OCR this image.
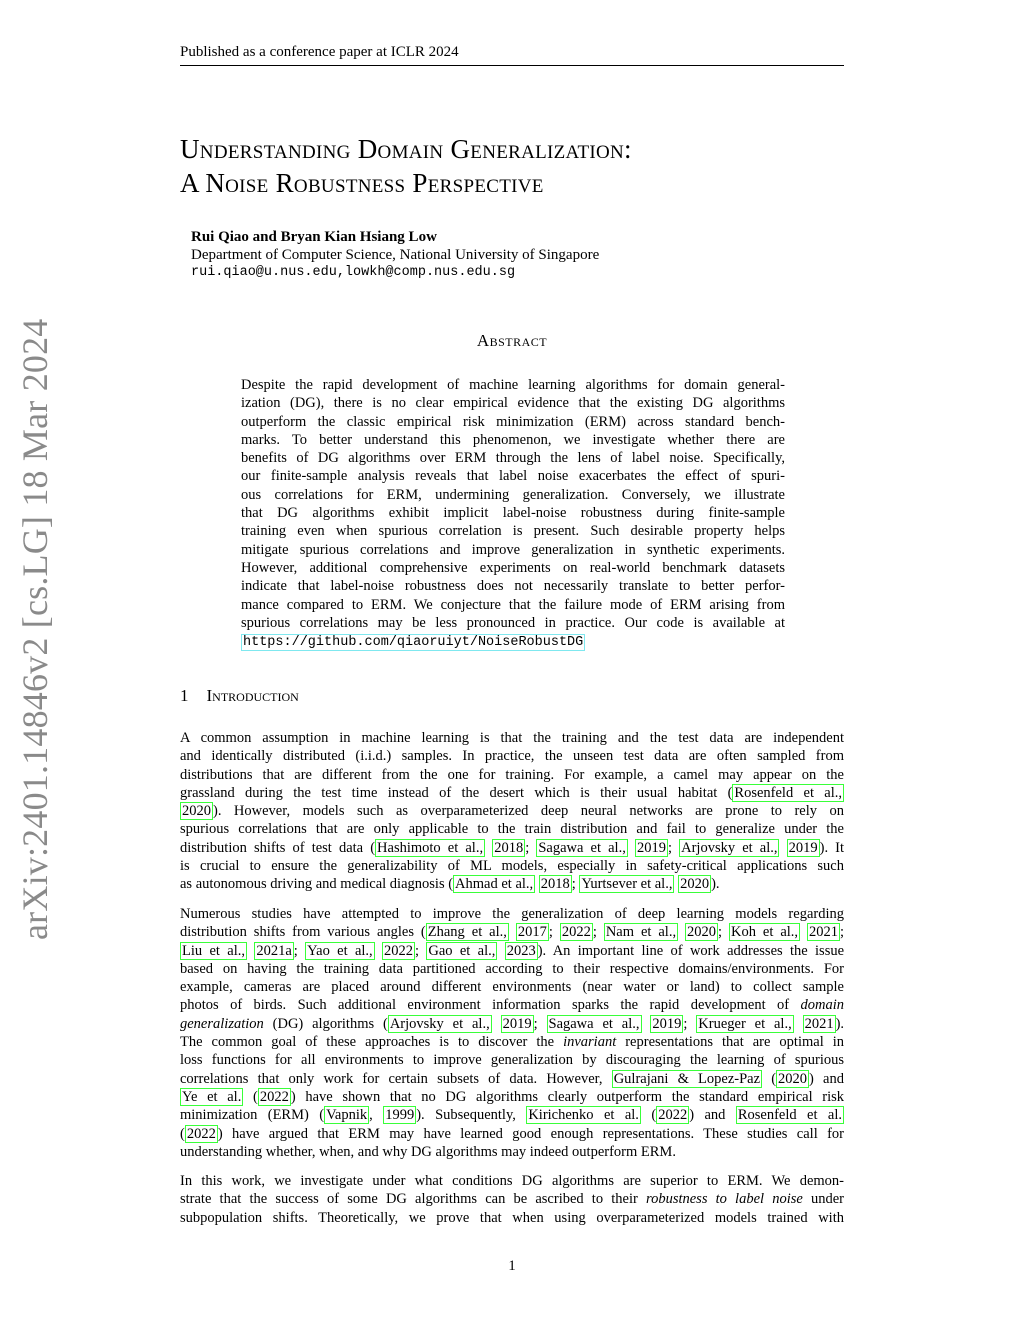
Published as a conference paper at ICLR 2024
Understanding Domain Generalization:
A Noise Robustness Perspective
Rui Qiao and Bryan Kian Hsiang Low
Department of Computer Science, National University of Singapore
rui.qiao@u.nus.edu,lowkh@comp.nus.edu.sg
Abstract
Despite the rapid development of machine learning algorithms for domain general-
ization (DG), there is no clear empirical evidence that the existing DG algorithms
outperform the classic empirical risk minimization (ERM) across standard bench-
marks. To better understand this phenomenon, we investigate whether there are
benefits of DG algorithms over ERM through the lens of label noise. Specifically,
our finite-sample analysis reveals that label noise exacerbates the effect of spuri-
ous correlations for ERM, undermining generalization. Conversely, we illustrate
that DG algorithms exhibit implicit label-noise robustness during finite-sample
training even when spurious correlation is present. Such desirable property helps
mitigate spurious correlations and improve generalization in synthetic experiments.
However, additional comprehensive experiments on real-world benchmark datasets
indicate that label-noise robustness does not necessarily translate to better perfor-
mance compared to ERM. We conjecture that the failure mode of ERM arising from
spurious correlations may be less pronounced in practice. Our code is available at
https://github.com/qiaoruiyt/NoiseRobustDG
1 Introduction
A common assumption in machine learning is that the training and the test data are independent
and identically distributed (i.i.d.) samples. In practice, the unseen test data are often sampled from
distributions that are different from the one for training. For example, a camel may appear on the
grassland during the test time instead of the desert which is their usual habitat ( Rosenfeld et al.,
2020 ). However, models such as overparameterized deep neural networks are prone to rely on
spurious correlations that are only applicable to the train distribution and fail to generalize under the
distribution shifts of test data ( Hashimoto et al., 2018 ; Sagawa et al., 2019 ; Arjovsky et al., 2019 ). It
is crucial to ensure the generalizability of ML models, especially in safety-critical applications such
as autonomous driving and medical diagnosis ( Ahmad et al., 2018 ; Yurtsever et al., 2020 ).
Numerous studies have attempted to improve the generalization of deep learning models regarding
distribution shifts from various angles ( Zhang et al., 2017 ; 2022 ; Nam et al., 2020 ; Koh et al., 2021 ;
Liu et al., 2021a ; Yao et al., 2022 ; Gao et al., 2023 ). An important line of work addresses the issue
based on having the training data partitioned according to their respective domains/environments. For
example, cameras are placed around different environments (near water or land) to collect sample
photos of birds. Such additional environment information sparks the rapid development of domain
generalization (DG) algorithms ( Arjovsky et al., 2019 ; Sagawa et al., 2019 ; Krueger et al., 2021 ).
The common goal of these approaches is to discover the invariant representations that are optimal in
loss functions for all environments to improve generalization by discouraging the learning of spurious
correlations that only work for certain subsets of data. However, Gulrajani & Lopez-Paz ( 2020 ) and
Ye et al. ( 2022 ) have shown that no DG algorithms clearly outperform the standard empirical risk
minimization (ERM) ( Vapnik , 1999 ). Subsequently, Kirichenko et al. ( 2022 ) and Rosenfeld et al.
( 2022 ) have argued that ERM may have learned good enough representations. These studies call for
understanding whether, when, and why DG algorithms may indeed outperform ERM.
In this work, we investigate under what conditions DG algorithms are superior to ERM. We demon-
strate that the success of some DG algorithms can be ascribed to their robustness to label noise under
subpopulation shifts. Theoretically, we prove that when using overparameterized models trained with
arXiv:2401.14846v2 [cs.LG] 18 Mar 2024
1
